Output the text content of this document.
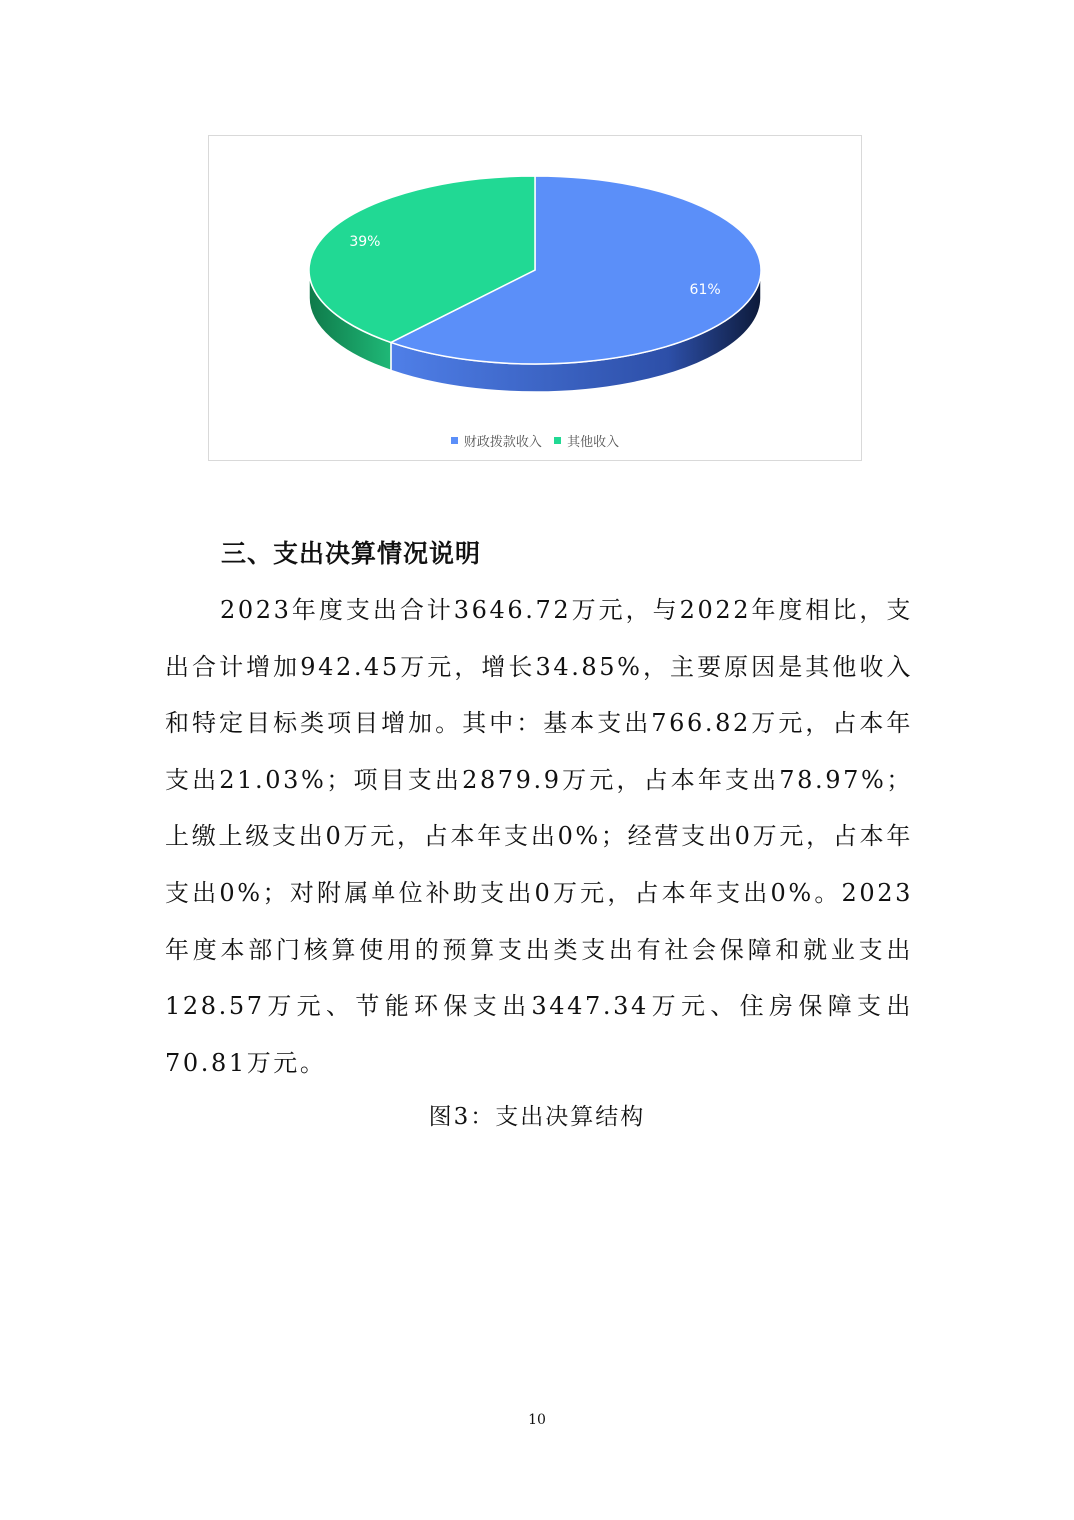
61%
39%
财政拨款收入
其他收入
三、支出决算情况说明

2023年度支出合计3646.72万元，与2022年度相比，支出合计增加942.45万元，增长34.85%，主要原因是其他收入和特定目标类项目增加。其中：基本支出766.82万元，占本年支出21.03%；项目支出2879.9万元，占本年支出78.97%；上缴上级支出0万元，占本年支出0%；经营支出0万元，占本年支出0%；对附属单位补助支出0万元，占本年支出0%。2023年度本部门核算使用的预算支出类支出有社会保障和就业支出128.57万元、节能环保支出3447.34万元、住房保障支出70.81万元。

图3：支出决算结构
10
